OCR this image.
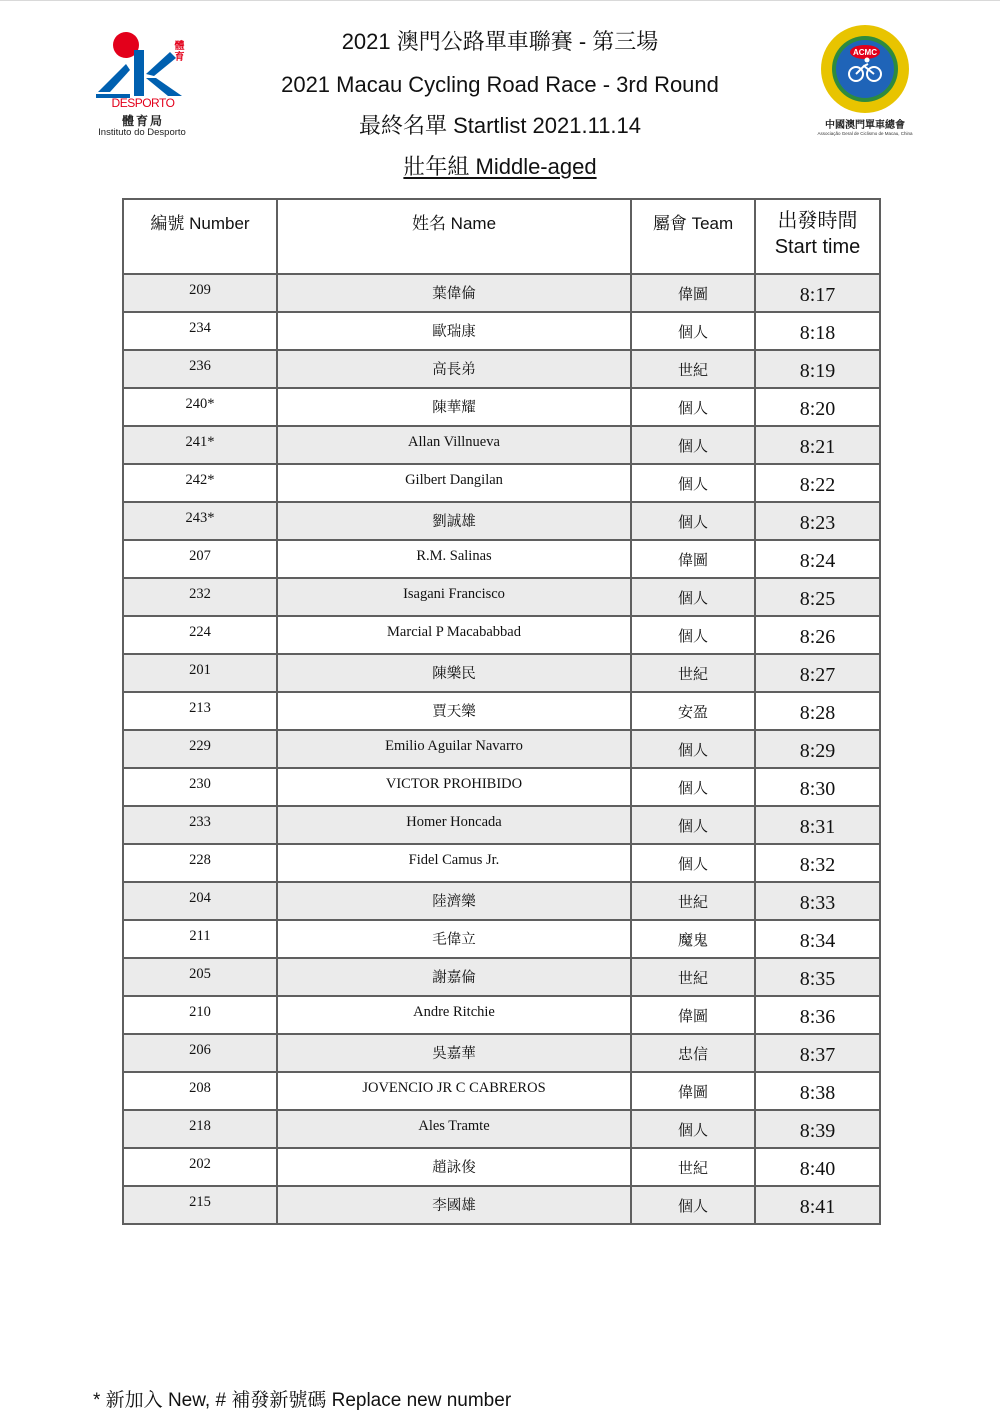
體育
DESPORTO
體育局
Instituto do Desporto
ACMC
中國澳門單車總會
Associação Geral de Ciclismo de Macau, China
2021 澳門公路單車聯賽 - 第三場
2021 Macau Cycling Road Race - 3rd Round
最終名單 Startlist 2021.11.14
壯年組 Middle-aged
編號 Number	姓名 Name	屬會 Team	出發時間
Start time

209	葉偉倫	偉圖	8:17
234	歐瑞康	個人	8:18
236	高長弟	世紀	8:19
240*	陳華耀	個人	8:20
241*	Allan Villnueva	個人	8:21
242*	Gilbert Dangilan	個人	8:22
243*	劉誠雄	個人	8:23
207	R.M. Salinas	偉圖	8:24
232	Isagani Francisco	個人	8:25
224	Marcial P Macababbad	個人	8:26
201	陳樂民	世紀	8:27
213	賈天樂	安盈	8:28
229	Emilio Aguilar Navarro	個人	8:29
230	VICTOR PROHIBIDO	個人	8:30
233	Homer Honcada	個人	8:31
228	Fidel Camus Jr.	個人	8:32
204	陸濟樂	世紀	8:33
211	毛偉立	魔鬼	8:34
205	謝嘉倫	世紀	8:35
210	Andre Ritchie	偉圖	8:36
206	吳嘉華	忠信	8:37
208	JOVENCIO JR C CABREROS	偉圖	8:38
218	Ales Tramte	個人	8:39
202	趙詠俊	世紀	8:40
215	李國雄	個人	8:41
* 新加入 New, # 補發新號碼 Replace new number
